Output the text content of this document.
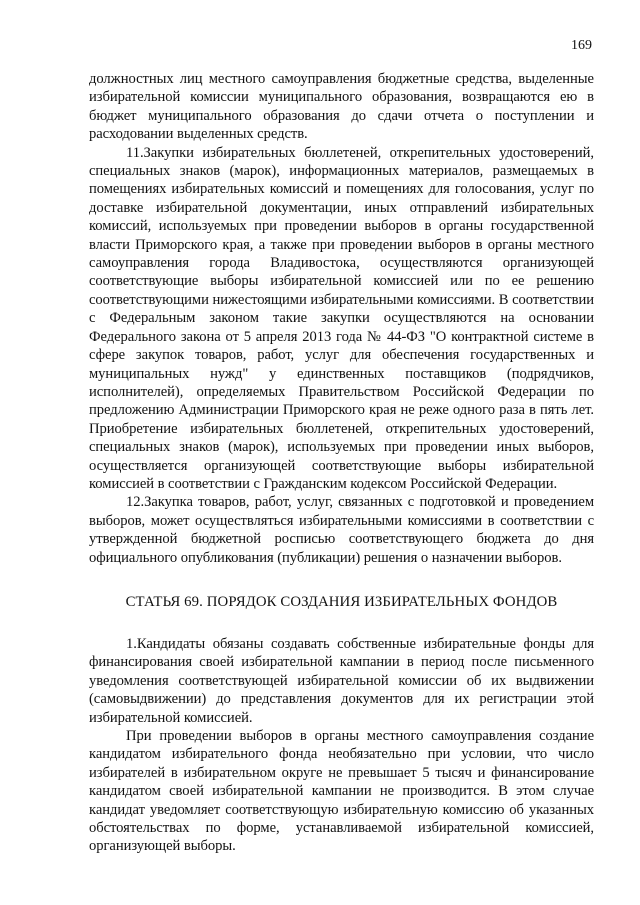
169

должностных лиц местного самоуправления бюджетные средства, выделенные избирательной комиссии муниципального образования, возвращаются ею в бюджет муниципального образования до сдачи отчета о поступлении и расходовании выделенных средств.

11.Закупки избирательных бюллетеней, открепительных удостоверений, специальных знаков (марок), информационных материалов, размещаемых в помещениях избирательных комиссий и помещениях для голосования, услуг по доставке избирательной документации, иных отправлений избирательных комиссий, используемых при проведении выборов в органы государственной власти Приморского края, а также при проведении выборов в органы местного самоуправления города Владивостока, осуществляются организующей соответствующие выборы избирательной комиссией или по ее решению соответствующими нижестоящими избирательными комиссиями. В соответствии с Федеральным законом такие закупки осуществляются на основании Федерального закона от 5 апреля 2013 года № 44-ФЗ "О контрактной системе в сфере закупок товаров, работ, услуг для обеспечения государственных и муниципальных нужд" у единственных поставщиков (подрядчиков, исполнителей), определяемых Правительством Российской Федерации по предложению Администрации Приморского края не реже одного раза в пять лет. Приобретение избирательных бюллетеней, открепительных удостоверений, специальных знаков (марок), используемых при проведении иных выборов, осуществляется организующей соответствующие выборы избирательной комиссией в соответствии с Гражданским кодексом Российской Федерации.

12.Закупка товаров, работ, услуг, связанных с подготовкой и проведением выборов, может осуществляться избирательными комиссиями в соответствии с утвержденной бюджетной росписью соответствующего бюджета до дня официального опубликования (публикации) решения о назначении выборов.

СТАТЬЯ 69. ПОРЯДОК СОЗДАНИЯ ИЗБИРАТЕЛЬНЫХ ФОНДОВ

1.Кандидаты обязаны создавать собственные избирательные фонды для финансирования своей избирательной кампании в период после письменного уведомления соответствующей избирательной комиссии об их выдвижении (самовыдвижении) до представления документов для их регистрации этой избирательной комиссией.

При проведении выборов в органы местного самоуправления создание кандидатом избирательного фонда необязательно при условии, что число избирателей в избирательном округе не превышает 5 тысяч и финансирование кандидатом своей избирательной кампании не производится. В этом случае кандидат уведомляет соответствующую избирательную комиссию об указанных обстоятельствах по форме, устанавливаемой избирательной комиссией, организующей выборы.
